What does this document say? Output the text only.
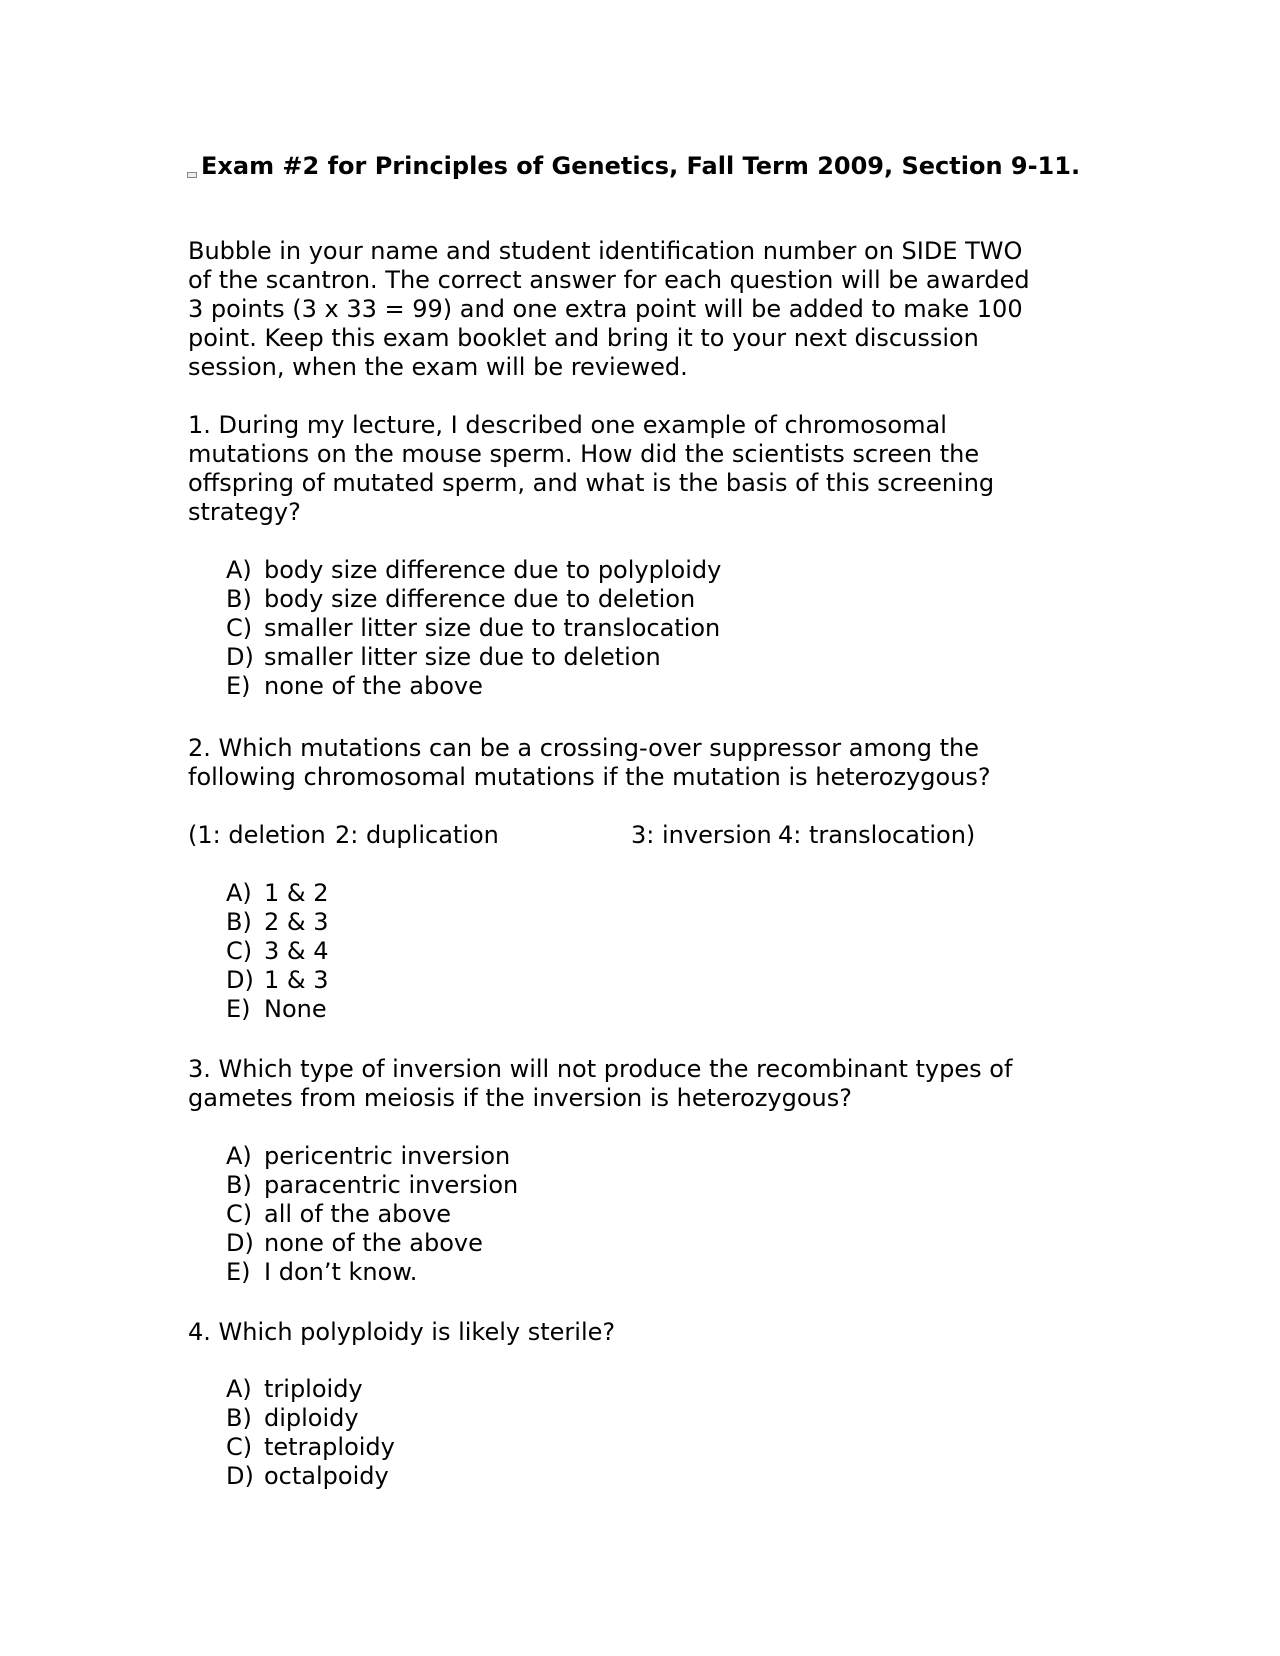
Exam #2 for Principles of Genetics, Fall Term 2009, Section 9-11.
Bubble in your name and student identification number on SIDE TWO
of the scantron. The correct answer for each question will be awarded
3 points (3 x 33 = 99) and one extra point will be added to make 100
point. Keep this exam booklet and bring it to your next discussion
session, when the exam will be reviewed.
1. During my lecture, I described one example of chromosomal
mutations on the mouse sperm. How did the scientists screen the
offspring of mutated sperm, and what is the basis of this screening
strategy?
A) body size difference due to polyploidy
B) body size difference due to deletion
C) smaller litter size due to translocation
D) smaller litter size due to deletion
E) none of the above
2. Which mutations can be a crossing-over suppressor among the
following chromosomal mutations if the mutation is heterozygous?
(1: deletion 2: duplication	3: inversion 4: translocation)
A) 1 & 2
B) 2 & 3
C) 3 & 4
D) 1 & 3
E) None
3. Which type of inversion will not produce the recombinant types of
gametes from meiosis if the inversion is heterozygous?
A) pericentric inversion
B) paracentric inversion
C) all of the above
D) none of the above
E) I don’t know.
4. Which polyploidy is likely sterile?
A) triploidy
B) diploidy
C) tetraploidy
D) octalpoidy
